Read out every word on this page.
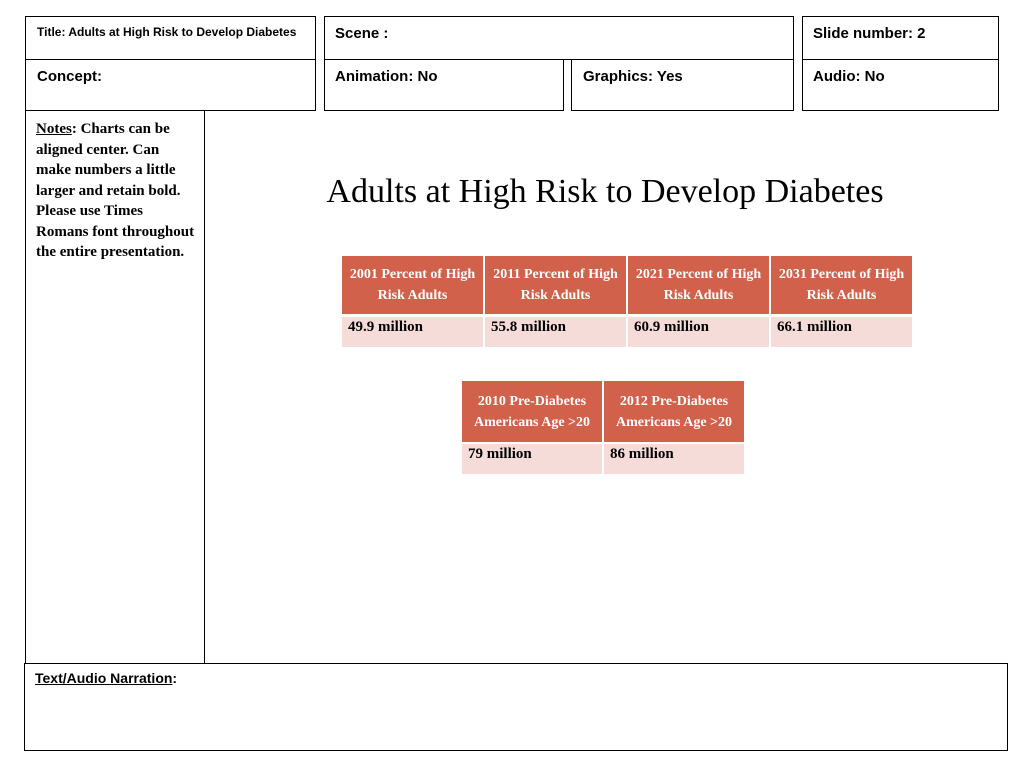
Title: Adults at High Risk to Develop Diabetes	Scene :	Slide number: 2
Concept:	Animation: No	Graphics: Yes	Audio: No
Notes: Charts can be aligned center. Can make numbers a little larger and retain bold. Please use Times Romans font throughout the entire presentation.
Adults at High Risk to Develop Diabetes
2001 Percent of High Risk Adults	2011 Percent of High Risk Adults	2021 Percent of High Risk Adults	2031 Percent of High Risk Adults
49.9 million	55.8 million	60.9 million	66.1 million
2010 Pre-Diabetes Americans Age >20	2012 Pre-Diabetes Americans Age >20
79 million	86 million
Text/Audio Narration:
